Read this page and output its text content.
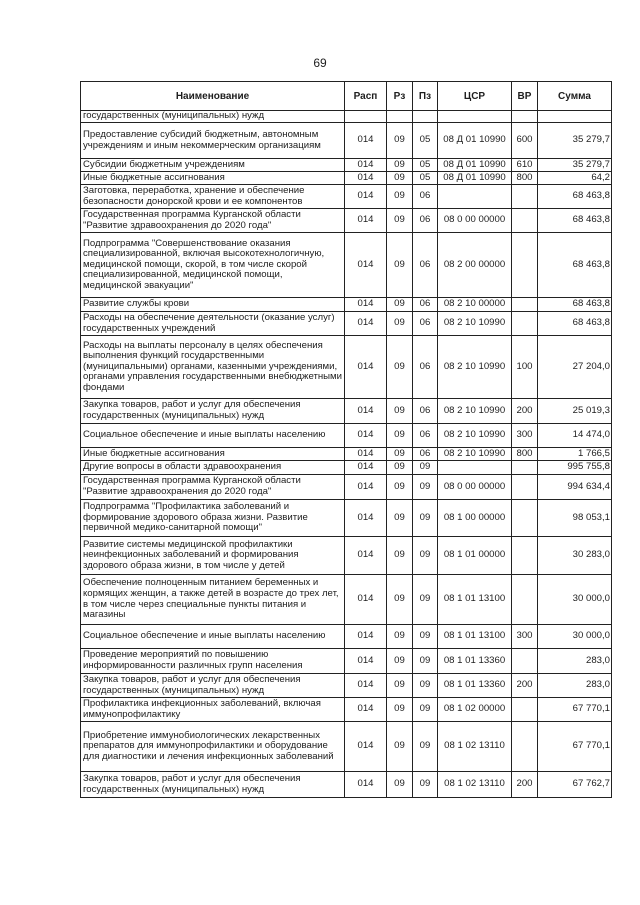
69
Наименование	Расп	Рз	Пз	ЦСР	ВР	Сумма
государственных (муниципальных) нужд						
Предоставление субсидий бюджетным, автономным учреждениям и иным некоммерческим организациям	014	09	05	08 Д 01 10990	600	35 279,7
Субсидии бюджетным учреждениям	014	09	05	08 Д 01 10990	610	35 279,7
Иные бюджетные ассигнования	014	09	05	08 Д 01 10990	800	64,2
Заготовка, переработка, хранение и обеспечение безопасности донорской крови и ее компонентов	014	09	06			68 463,8
Государственная программа Курганской области "Развитие здравоохранения до 2020 года"	014	09	06	08 0 00 00000		68 463,8
Подпрограмма "Совершенствование оказания специализированной, включая высокотехнологичную, медицинской помощи, скорой, в том числе скорой специализированной, медицинской помощи, медицинской эвакуации"	014	09	06	08 2 00 00000		68 463,8
Развитие службы крови	014	09	06	08 2 10 00000		68 463,8
Расходы на обеспечение деятельности (оказание услуг) государственных учреждений	014	09	06	08 2 10 10990		68 463,8
Расходы на выплаты персоналу в целях обеспечения выполнения функций государственными (муниципальными) органами, казенными учреждениями, органами управления государственными внебюджетными фондами	014	09	06	08 2 10 10990	100	27 204,0
Закупка товаров, работ и услуг для обеспечения государственных (муниципальных) нужд	014	09	06	08 2 10 10990	200	25 019,3
Социальное обеспечение и иные выплаты населению	014	09	06	08 2 10 10990	300	14 474,0
Иные бюджетные ассигнования	014	09	06	08 2 10 10990	800	1 766,5
Другие вопросы в области здравоохранения	014	09	09			995 755,8
Государственная программа Курганской области "Развитие здравоохранения до 2020 года"	014	09	09	08 0 00 00000		994 634,4
Подпрограмма "Профилактика заболеваний и формирование здорового образа жизни. Развитие первичной медико-санитарной помощи"	014	09	09	08 1 00 00000		98 053,1
Развитие системы медицинской профилактики неинфекционных заболеваний и формирования здорового образа жизни, в том числе у детей	014	09	09	08 1 01 00000		30 283,0
Обеспечение полноценным питанием беременных и кормящих женщин, а также детей в возрасте до трех лет, в том числе через специальные пункты питания и магазины	014	09	09	08 1 01 13100		30 000,0
Социальное обеспечение и иные выплаты населению	014	09	09	08 1 01 13100	300	30 000,0
Проведение мероприятий по повышению информированности различных групп населения	014	09	09	08 1 01 13360		283,0
Закупка товаров, работ и услуг для обеспечения государственных (муниципальных) нужд	014	09	09	08 1 01 13360	200	283,0
Профилактика инфекционных заболеваний, включая иммунопрофилактику	014	09	09	08 1 02 00000		67 770,1
Приобретение иммунобиологических лекарственных препаратов для иммунопрофилактики и оборудование для диагностики и лечения инфекционных заболеваний	014	09	09	08 1 02 13110		67 770,1
Закупка товаров, работ и услуг для обеспечения государственных (муниципальных) нужд	014	09	09	08 1 02 13110	200	67 762,7
